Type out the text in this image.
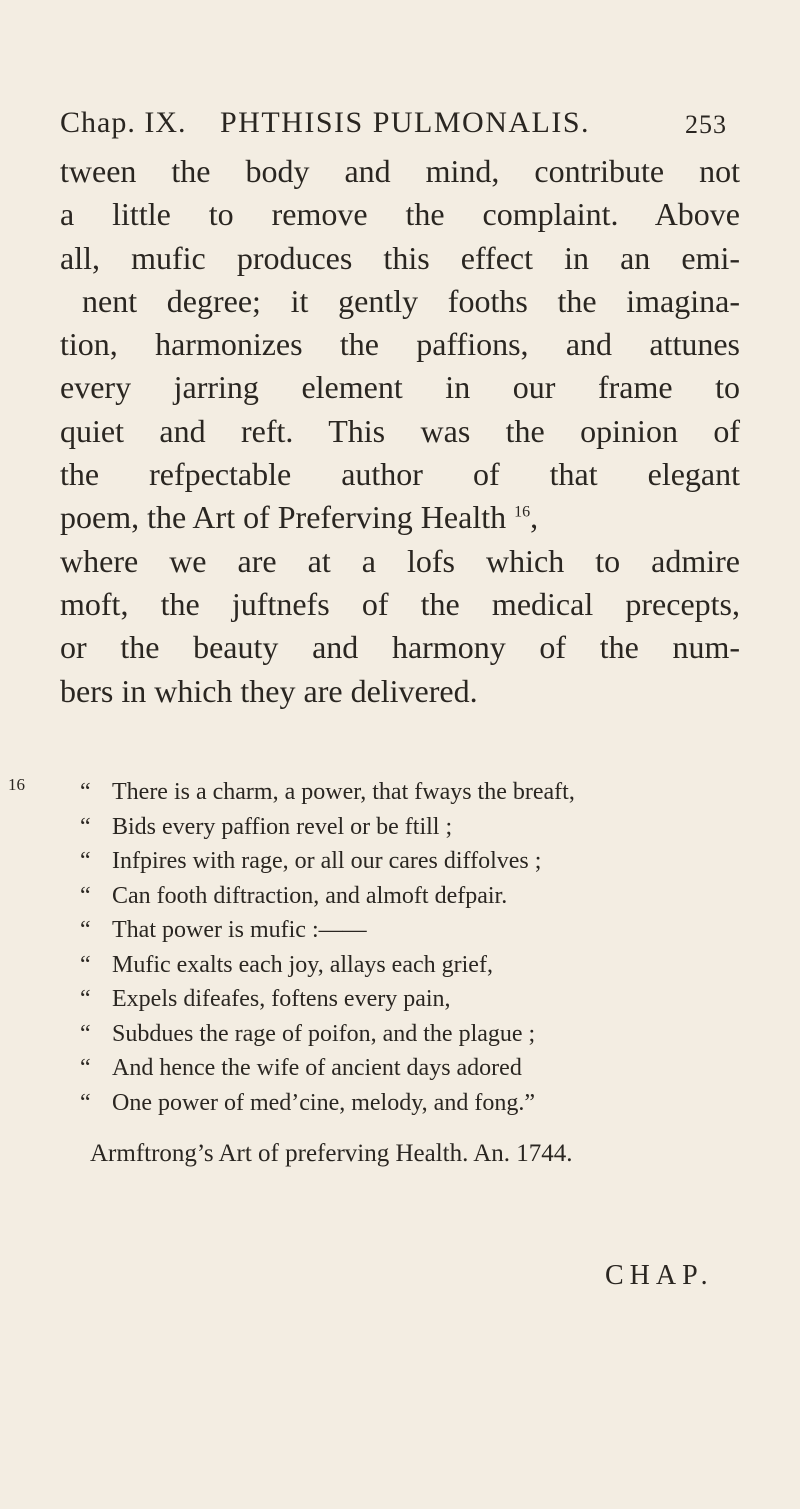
Chap. IX. PHTHISIS PULMONALIS.	253
tween the body and mind, contribute not
a little to remove the complaint. Above
all, mufic produces this effect in an emi-
nent degree; it gently fooths the imagina-
tion, harmonizes the paffions, and attunes
every jarring element in our frame to
quiet and reft. This was the opinion of
the refpectable author of that elegant
poem, the Art of Preferving Health $^{16}$,
where we are at a lofs which to admire
moft, the juftnefs of the medical precepts,
or the beauty and harmony of the num-
bers in which they are delivered.
16 “ There is a charm, a power, that fways the breaft,
“ Bids every paffion revel or be ftill ;
“ Infpires with rage, or all our cares diffolves ;
“ Can footh diftraction, and almoft defpair.
“ That power is mufic :——
“ Mufic exalts each joy, allays each grief,
“ Expels difeafes, foftens every pain,
“ Subdues the rage of poifon, and the plague ;
“ And hence the wife of ancient days adored
“ One power of med’cine, melody, and fong.”
Armftrong’s Art of preferving Health. An. 1744.
CHAP.
